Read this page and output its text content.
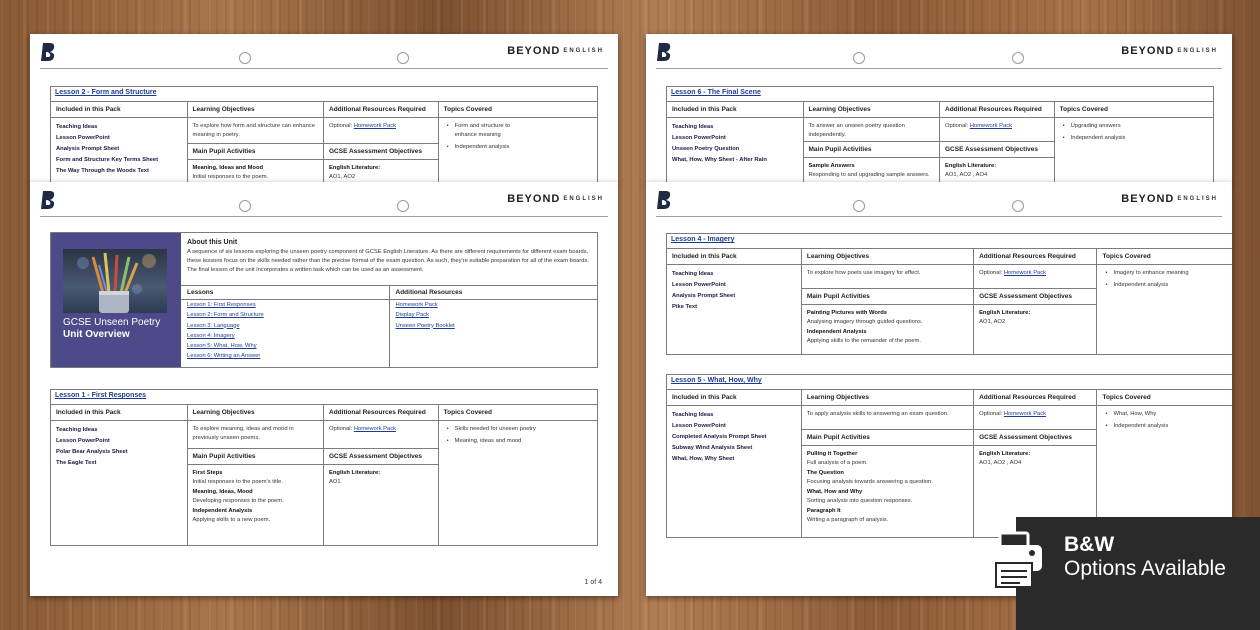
BEYOND ENGLISH
Lesson 2 - Form and Structure
Included in this Pack
Teaching Ideas
Lesson PowerPoint
Analysis Prompt Sheet
Form and Structure Key Terms Sheet
The Way Through the Woods Text
Learning Objectives
To explore how form and structure can enhance meaning in poetry.
Main Pupil Activities
Meaning, Ideas and Mood
Initial responses to the poem.
Additional Resources Required
Optional: Homework Pack
GCSE Assessment Objectives
English Literature:
AO1, AO2
Topics Covered
• Form and structure to enhance meaning
• Independent analysis
BEYOND ENGLISH
Lesson 6 - The Final Scene
Included in this Pack
Teaching Ideas
Lesson PowerPoint
Unseen Poetry Question
What, How, Why Sheet - After Rain
Learning Objectives
To answer an unseen poetry question independently.
Main Pupil Activities
Sample Answers
Responding to and upgrading sample answers.
Additional Resources Required
Optional: Homework Pack
GCSE Assessment Objectives
English Literature:
AO1, AO2 , AO4
Topics Covered
• Upgrading answers
• Independent analysis
BEYOND ENGLISH
GCSE Unseen Poetry
Unit Overview
About this Unit
A sequence of six lessons exploring the unseen poetry component of GCSE English Literature. As there are different requirements for different exam boards, these lessons focus on the skills needed rather than the precise format of the exam question. As such, they're suitable preparation for all of the exam boards. The final lesson of the unit incorporates a written task which can be used as an assessment.
Lessons
Lesson 1: First Responses
Lesson 2: Form and Structure
Lesson 3: Language
Lesson 4: Imagery
Lesson 5: What, How, Why
Lesson 6: Writing an Answer
Additional Resources
Homework Pack
Display Pack
Unseen Poetry Booklet
Lesson 1 - First Responses
Included in this Pack
Teaching Ideas
Lesson PowerPoint
Polar Bear Analysis Sheet
The Eagle Text
Learning Objectives
To explore meaning, ideas and mood in previously unseen poems.
Main Pupil Activities
First Steps
Initial responses to the poem's title.
Meaning, Ideas, Mood
Developing responses to the poem.
Independent Analysis
Applying skills to a new poem.
Additional Resources Required
Optional: Homework Pack
GCSE Assessment Objectives
English Literature:
AO1
Topics Covered
• Skills needed for unseen poetry
• Meaning, ideas and mood
1 of 4
BEYOND ENGLISH
Lesson 4 - Imagery
Included in this Pack
Teaching Ideas
Lesson PowerPoint
Analysis Prompt Sheet
Pike Text
Learning Objectives
To explore how poets use imagery for effect.
Main Pupil Activities
Painting Pictures with Words
Analysing imagery through guided questions.
Independent Analysis
Applying skills to the remainder of the poem.
Additional Resources Required
Optional: Homework Pack
GCSE Assessment Objectives
English Literature:
AO1, AO2
Topics Covered
• Imagery to enhance meaning
• Independent analysis
Lesson 5 - What, How, Why
Included in this Pack
Teaching Ideas
Lesson PowerPoint
Completed Analysis Prompt Sheet
Subway Wind Analysis Sheet
What, How, Why Sheet
Learning Objectives
To apply analysis skills to answering an exam question.
Main Pupil Activities
Pulling it Together
Full analysis of a poem.
The Question
Focusing analysis towards answering a question.
What, How and Why
Sorting analysis into question responses.
Paragraph It
Writing a paragraph of analysis.
Additional Resources Required
Optional: Homework Pack
GCSE Assessment Objectives
English Literature:
AO1, AO2 , AO4
Topics Covered
• What, How, Why
• Independent analysis
B&W
Options Available
